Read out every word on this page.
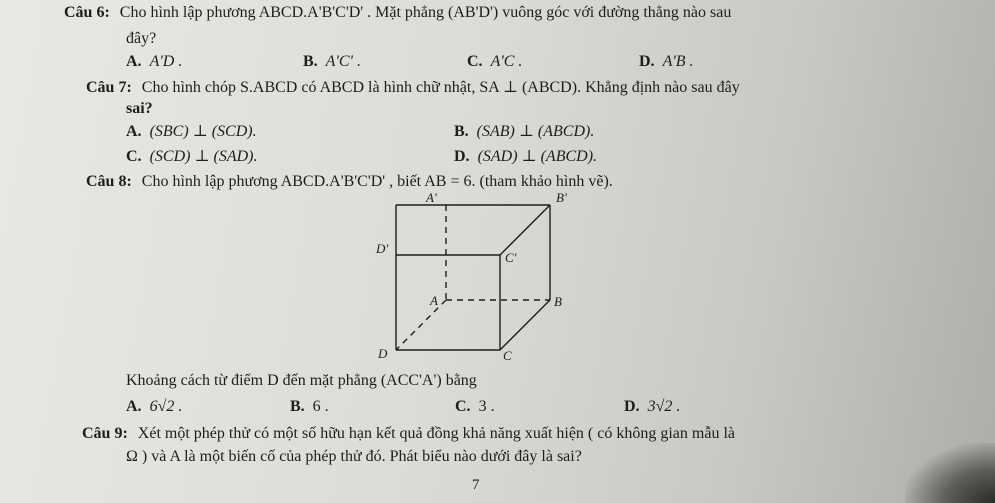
Câu 6: Cho hình lập phương ABCD.A'B'C'D' . Mặt phẳng (AB'D') vuông góc với đường thẳng nào sau
đây?
A. A'D .	B. A'C' .	C. A'C .	D. A'B .
Câu 7: Cho hình chóp S.ABCD có ABCD là hình chữ nhật, SA ⊥ (ABCD). Khẳng định nào sau đây
sai?
A. (SBC) ⊥ (SCD).	B. (SAB) ⊥ (ABCD).
C. (SCD) ⊥ (SAD).	D. (SAD) ⊥ (ABCD).
Câu 8: Cho hình lập phương ABCD.A'B'C'D' , biết AB = 6. (tham khảo hình vẽ).
A'	B'
D'
C'
A	B
D	C
Khoảng cách từ điểm D đến mặt phẳng (ACC'A') bằng
A. 6√2 .	B. 6 .	C. 3 .	D. 3√2 .
Câu 9: Xét một phép thử có một số hữu hạn kết quả đồng khả năng xuất hiện ( có không gian mẫu là
Ω ) và A là một biến cố của phép thử đó. Phát biểu nào dưới đây là sai?
7
